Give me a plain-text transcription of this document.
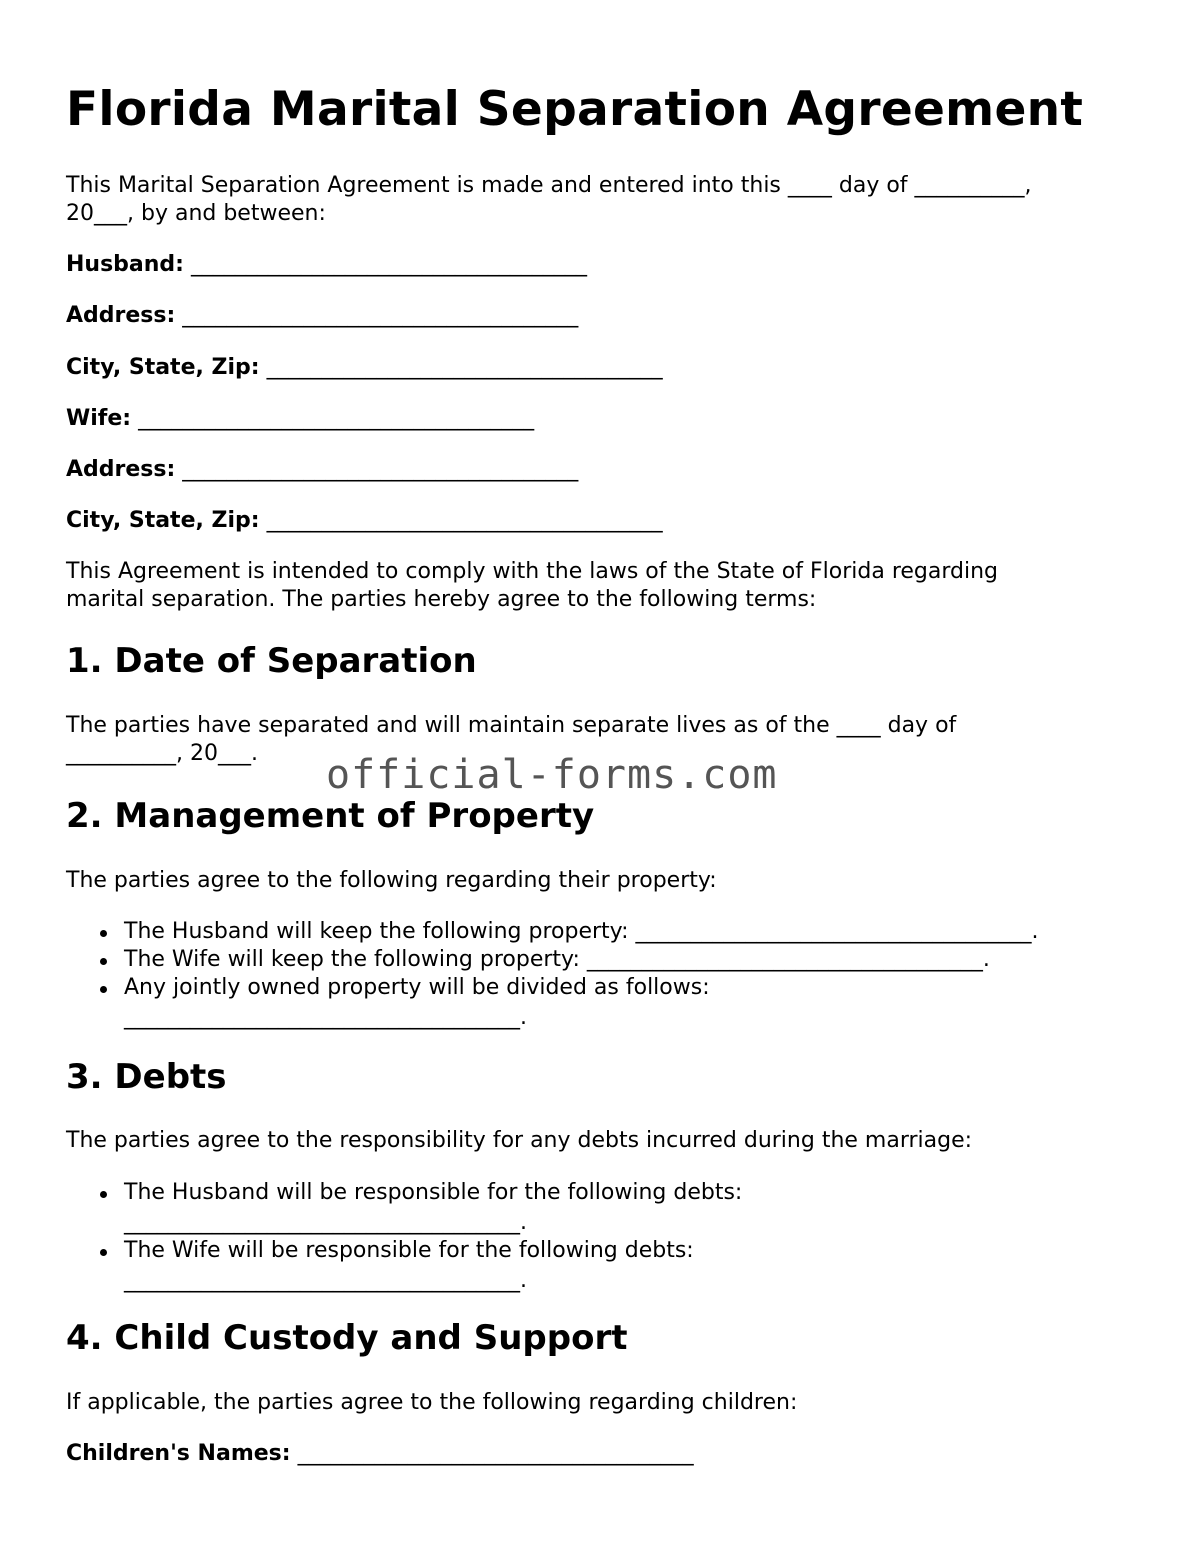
Florida Marital Separation Agreement

This Marital Separation Agreement is made and entered into this ____ day of __________,

20___, by and between:

Husband: ____________________________________

Address: ____________________________________

City, State, Zip: ____________________________________

Wife: ____________________________________

Address: ____________________________________

City, State, Zip: ____________________________________

This Agreement is intended to comply with the laws of the State of Florida regarding

marital separation. The parties hereby agree to the following terms:

1. Date of Separation

The parties have separated and will maintain separate lives as of the ____ day of

__________, 20___.

2. Management of Property

The parties agree to the following regarding their property:

The Husband will keep the following property: ____________________________________.
The Wife will keep the following property: ____________________________________.
Any jointly owned property will be divided as follows:
____________________________________.
3. Debts

The parties agree to the responsibility for any debts incurred during the marriage:

The Husband will be responsible for the following debts:
____________________________________.
The Wife will be responsible for the following debts:
____________________________________.
4. Child Custody and Support

If applicable, the parties agree to the following regarding children:

Children's Names: ____________________________________

official-forms.com
